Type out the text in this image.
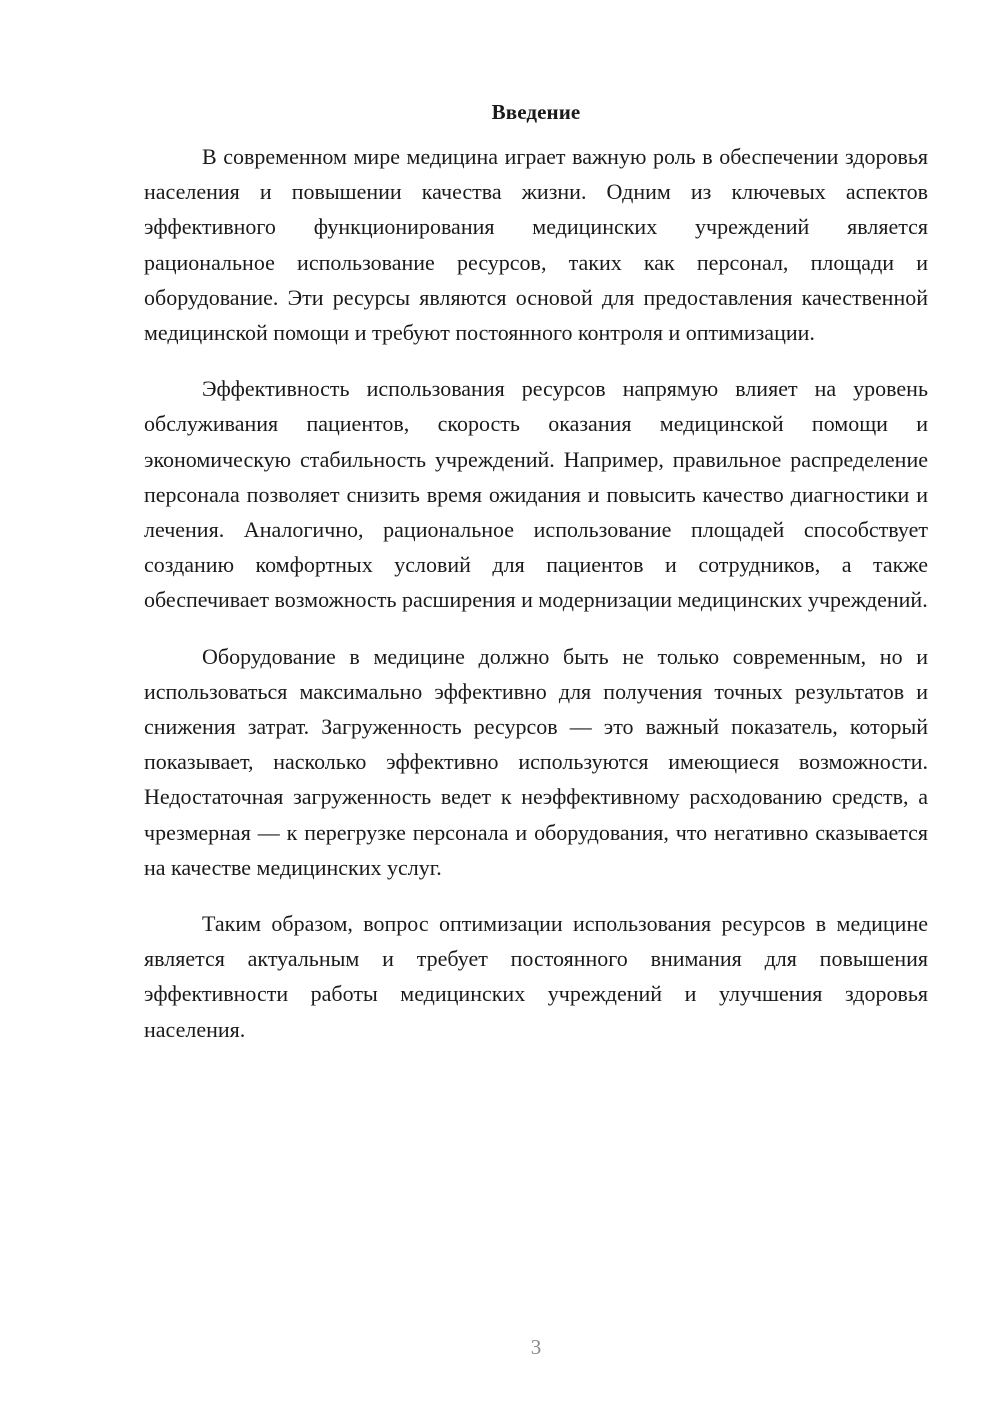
Введение

В современном мире медицина играет важную роль в обеспечении здоровья населения и повышении качества жизни. Одним из ключевых аспектов эффективного функционирования медицинских учреждений является рациональное использование ресурсов, таких как персонал, площади и оборудование. Эти ресурсы являются основой для предоставления качественной медицинской помощи и требуют постоянного контроля и оптимизации.

Эффективность использования ресурсов напрямую влияет на уровень обслуживания пациентов, скорость оказания медицинской помощи и экономическую стабильность учреждений. Например, правильное распределение персонала позволяет снизить время ожидания и повысить качество диагностики и лечения. Аналогично, рациональное использование площадей способствует созданию комфортных условий для пациентов и сотрудников, а также обеспечивает возможность расширения и модернизации медицинских учреждений.

Оборудование в медицине должно быть не только современным, но и использоваться максимально эффективно для получения точных результатов и снижения затрат. Загруженность ресурсов — это важный показатель, который показывает, насколько эффективно используются имеющиеся возможности. Недостаточная загруженность ведет к неэффективному расходованию средств, а чрезмерная — к перегрузке персонала и оборудования, что негативно сказывается на качестве медицинских услуг.

Таким образом, вопрос оптимизации использования ресурсов в медицине является актуальным и требует постоянного внимания для повышения эффективности работы медицинских учреждений и улучшения здоровья населения.

3
